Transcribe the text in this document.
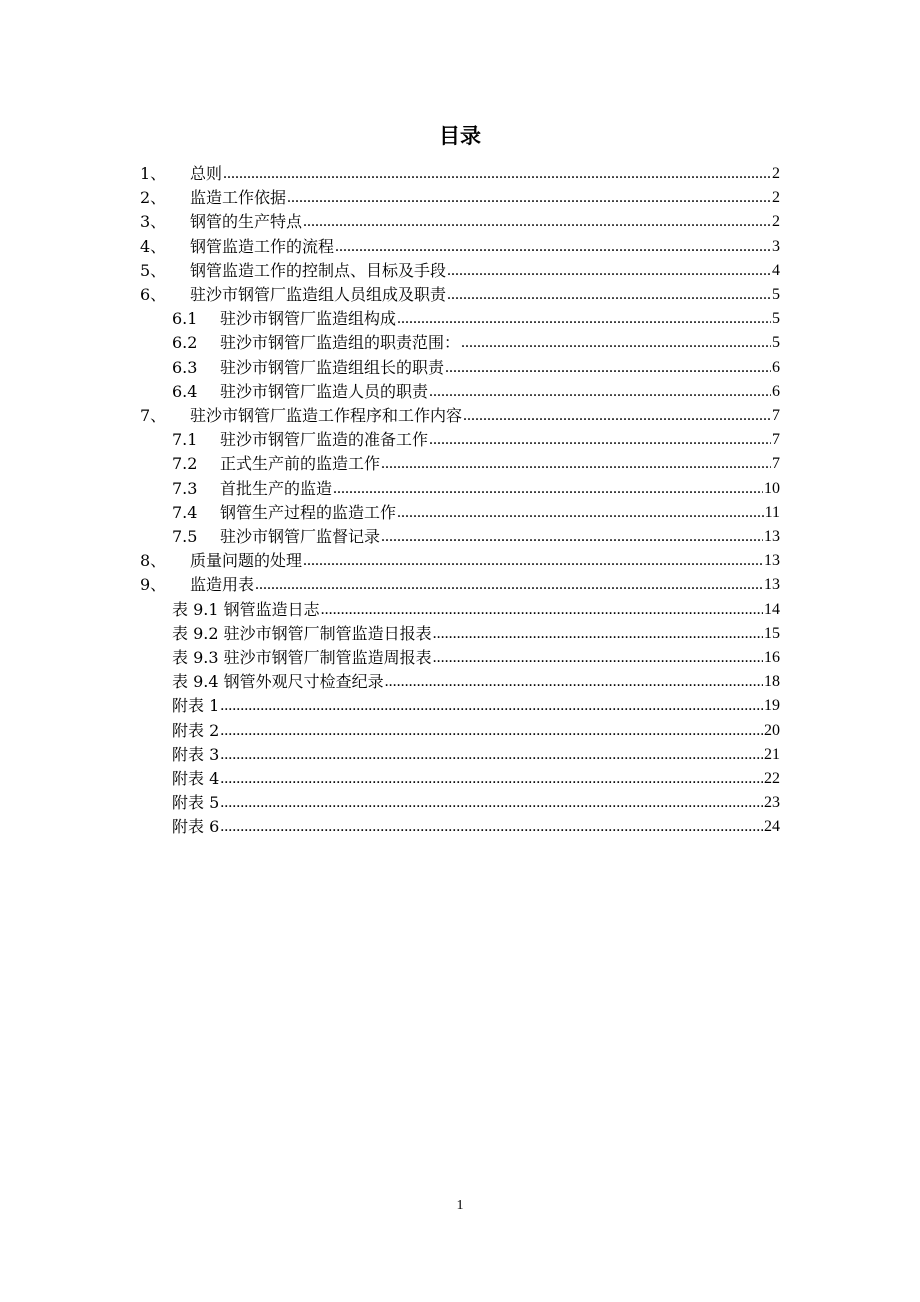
目录
1、	总则 .....	2
2、	监造工作依据 .....	2
3、	钢管的生产特点 .....	2
4、	钢管监造工作的流程 .....	3
5、	钢管监造工作的控制点、目标及手段 .....	4
6、	驻沙市钢管厂监造组人员组成及职责 .....	5
6.1	驻沙市钢管厂监造组构成 .....	5
6.2	驻沙市钢管厂监造组的职责范围： .....	5
6.3	驻沙市钢管厂监造组组长的职责 .....	6
6.4	驻沙市钢管厂监造人员的职责 .....	6
7、	驻沙市钢管厂监造工作程序和工作内容 .....	7
7.1	驻沙市钢管厂监造的准备工作 .....	7
7.2	正式生产前的监造工作 .....	7
7.3	首批生产的监造 .....	10
7.4	钢管生产过程的监造工作 .....	11
7.5	驻沙市钢管厂监督记录 .....	13
8、	质量问题的处理 .....	13
9、	监造用表 .....	13
表 9.1 钢管监造日志 .....	14
表 9.2 驻沙市钢管厂制管监造日报表 .....	15
表 9.3 驻沙市钢管厂制管监造周报表 .....	16
表 9.4 钢管外观尺寸检查纪录 .....	18
附表 1 .....	19
附表 2 .....	20
附表 3 .....	21
附表 4 .....	22
附表 5 .....	23
附表 6 .....	24
1
